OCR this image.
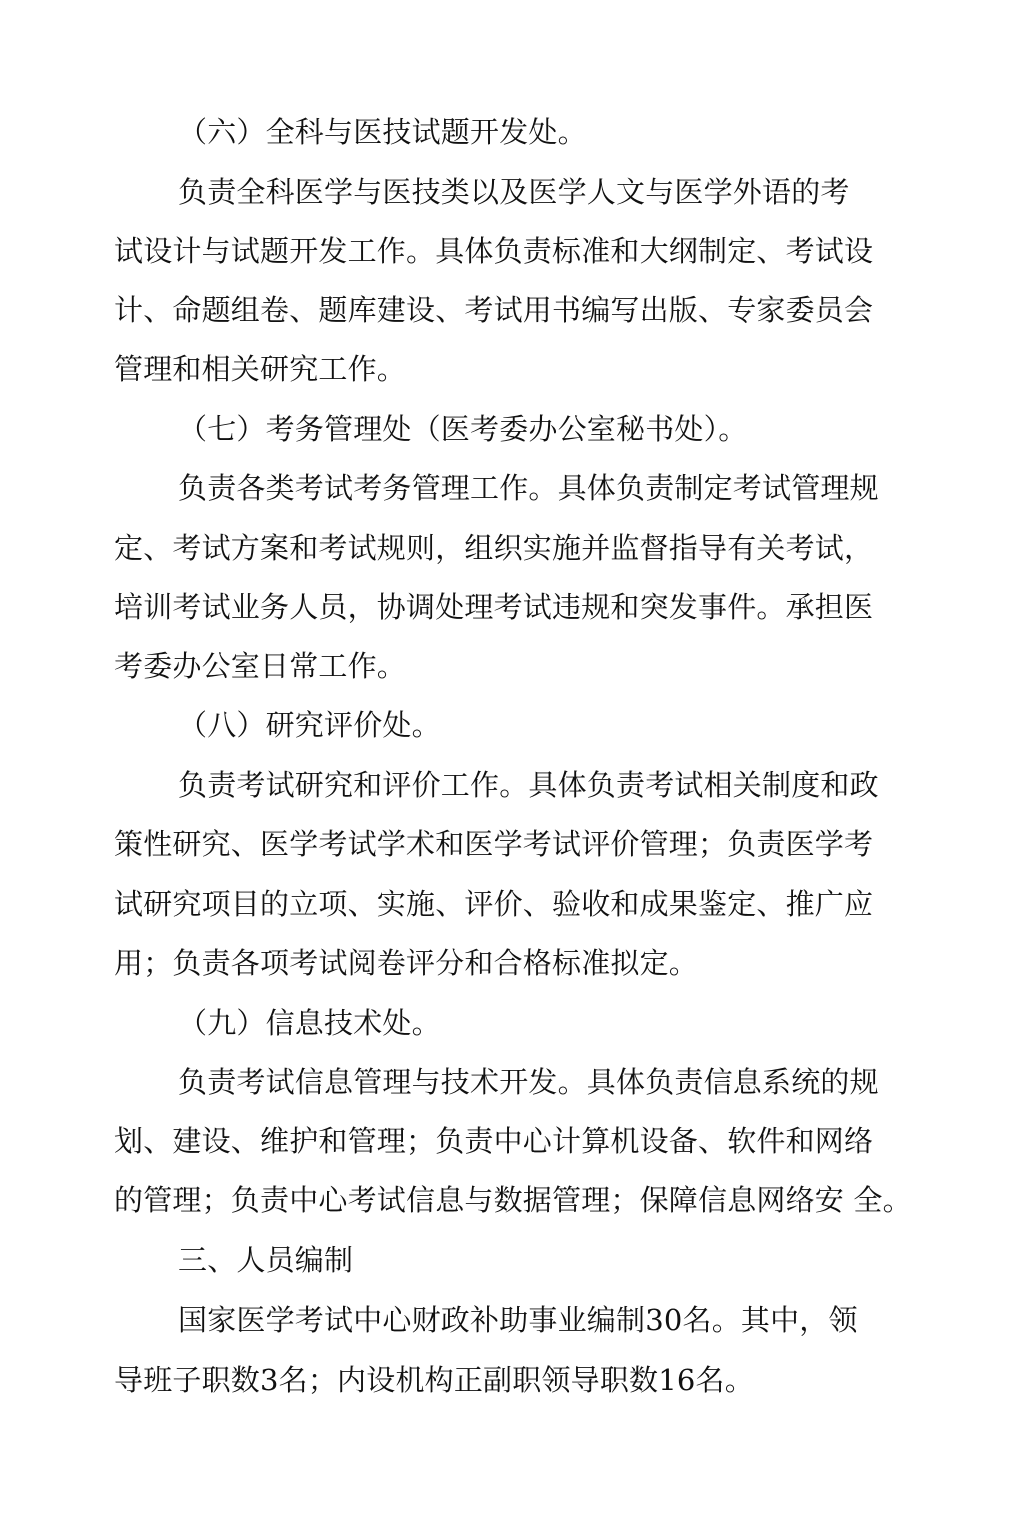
（六）全科与医技试题开发处。
负责全科医学与医技类以及医学人文与医学外语的考
试设计与试题开发工作。具体负责标准和大纲制定、考试设
计、命题组卷、题库建设、考试用书编写出版、专家委员会
管理和相关研究工作。
（七）考务管理处（医考委办公室秘书处）。
负责各类考试考务管理工作。具体负责制定考试管理规
定、考试方案和考试规则，组织实施并监督指导有关考试，
培训考试业务人员，协调处理考试违规和突发事件。承担医
考委办公室日常工作。
（八）研究评价处。
负责考试研究和评价工作。具体负责考试相关制度和政
策性研究、医学考试学术和医学考试评价管理；负责医学考
试研究项目的立项、实施、评价、验收和成果鉴定、推广应
用；负责各项考试阅卷评分和合格标准拟定。
（九）信息技术处。
负责考试信息管理与技术开发。具体负责信息系统的规
划、建设、维护和管理；负责中心计算机设备、软件和网络
的管理；负责中心考试信息与数据管理；保障信息网络安 全。
三、人员编制
国家医学考试中心财政补助事业编制30名。其中，领
导班子职数3名；内设机构正副职领导职数16名。
